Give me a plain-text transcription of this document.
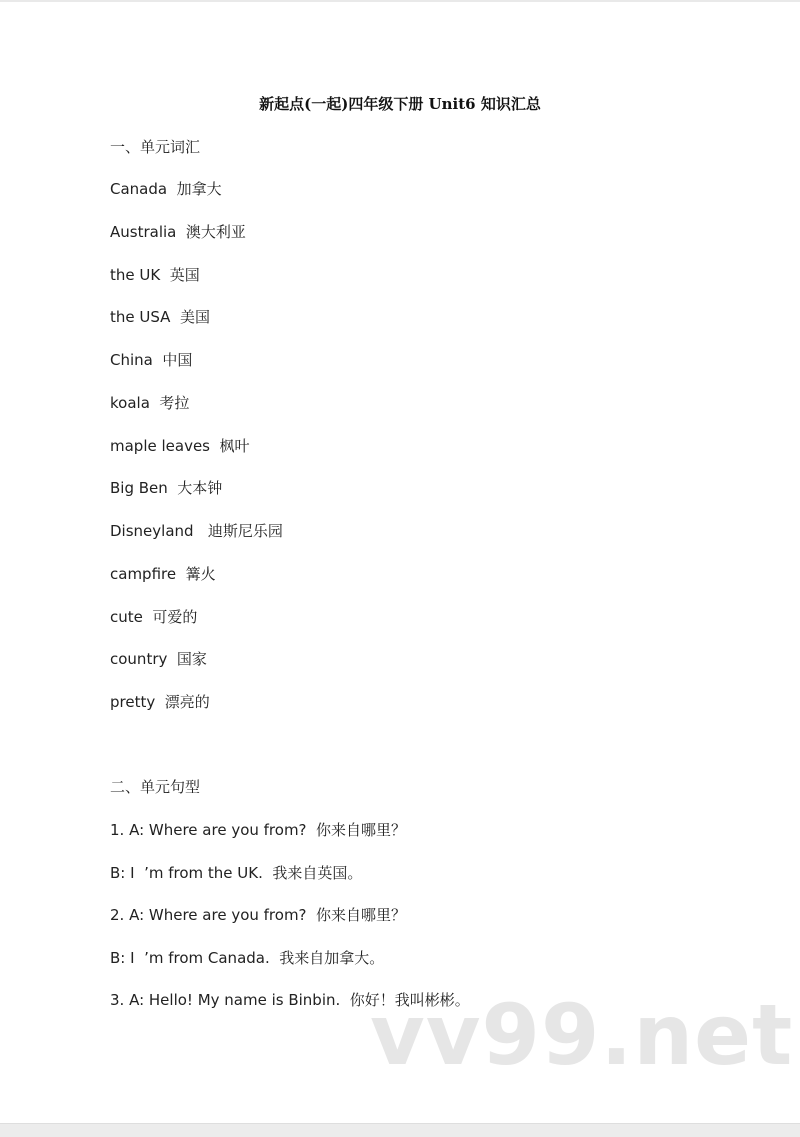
新起点(一起)四年级下册 Unit6 知识汇总
一、单元词汇
Canada  加拿大
Australia  澳大利亚
the UK  英国
the USA  美国
China  中国
koala  考拉
maple leaves  枫叶
Big Ben  大本钟
Disneyland   迪斯尼乐园
campfire  篝火
cute  可爱的
country  国家
pretty  漂亮的
二、单元句型
1. A: Where are you from?  你来自哪里？
B: I  ’m from the UK.  我来自英国。
2. A: Where are you from?  你来自哪里？
B: I  ’m from Canada.  我来自加拿大。
3. A: Hello! My name is Binbin.  你好！我叫彬彬。
vv99.net
